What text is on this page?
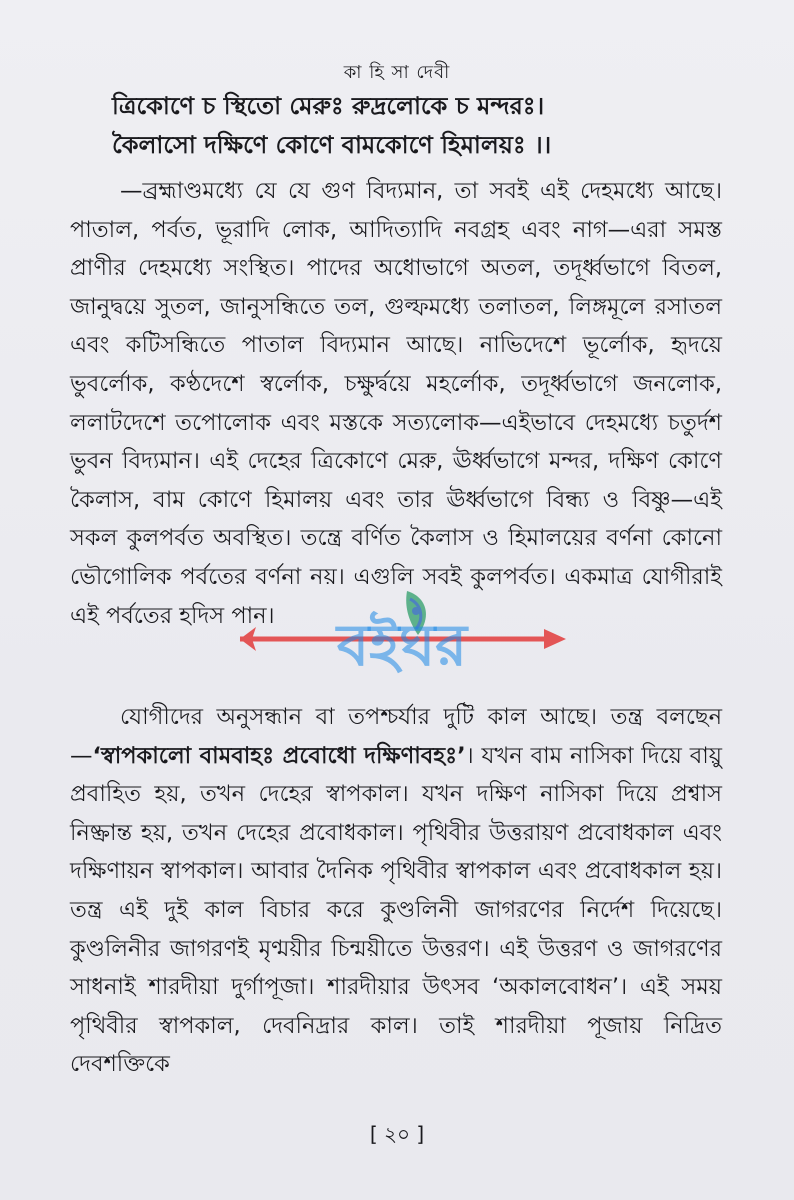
কা হি সা দেবী
ত্রিকোণে চ স্থিতো মেরুঃ রুদ্রলোকে চ মন্দরঃ।
কৈলাসো দক্ষিণে কোণে বামকোণে হিমালয়ঃ ।।
—ব্রহ্মাণ্ডমধ্যে যে যে গুণ বিদ্যমান, তা সবই এই দেহমধ্যে আছে। পাতাল, পর্বত, ভূরাদি লোক, আদিত্যাদি নবগ্রহ এবং নাগ—এরা সমস্ত প্রাণীর দেহমধ্যে সংস্থিত। পাদের অধোভাগে অতল, তদূর্ধ্বভাগে বিতল, জানুদ্বয়ে সুতল, জানুসন্ধিতে তল, গুল্ফমধ্যে তলাতল, লিঙ্গমূলে রসাতল এবং কটিসন্ধিতে পাতাল বিদ্যমান আছে। নাভিদেশে ভূর্লোক, হৃদয়ে ভুবর্লোক, কণ্ঠদেশে স্বর্লোক, চক্ষুর্দ্বয়ে মহর্লোক, তদূর্ধ্বভাগে জনলোক, ললাটদেশে তপোলোক এবং মস্তকে সত্যলোক—এইভাবে দেহমধ্যে চতুর্দশ ভুবন বিদ্যমান। এই দেহের ত্রিকোণে মেরু, ঊর্ধ্বভাগে মন্দর, দক্ষিণ কোণে কৈলাস, বাম কোণে হিমালয় এবং তার ঊর্ধ্বভাগে বিন্ধ্য ও বিষ্ণু—এই সকল কুলপর্বত অবস্থিত। তন্ত্রে বর্ণিত কৈলাস ও হিমালয়ের বর্ণনা কোনো ভৌগোলিক পর্বতের বর্ণনা নয়। এগুলি সবই কুলপর্বত। একমাত্র যোগীরাই এই পর্বতের হদিস পান।
যোগীদের অনুসন্ধান বা তপশ্চর্যার দুটি কাল আছে। তন্ত্র বলছেন—‘স্বাপকালো বামবাহঃ প্রবোধো দক্ষিণাবহঃ’। যখন বাম নাসিকা দিয়ে বায়ু প্রবাহিত হয়, তখন দেহের স্বাপকাল। যখন দক্ষিণ নাসিকা দিয়ে প্রশ্বাস নিষ্ক্রান্ত হয়, তখন দেহের প্রবোধকাল। পৃথিবীর উত্তরায়ণ প্রবোধকাল এবং দক্ষিণায়ন স্বাপকাল। আবার দৈনিক পৃথিবীর স্বাপকাল এবং প্রবোধকাল হয়। তন্ত্র এই দুই কাল বিচার করে কুণ্ডলিনী জাগরণের নির্দেশ দিয়েছে। কুণ্ডলিনীর জাগরণই মৃণ্ময়ীর চিন্ময়ীতে উত্তরণ। এই উত্তরণ ও জাগরণের সাধনাই শারদীয়া দুর্গাপূজা। শারদীয়ার উৎসব ‘অকালবোধন’। এই সময় পৃথিবীর স্বাপকাল, দেবনিদ্রার কাল। তাই শারদীয়া পূজায় নিদ্রিত দেবশক্তিকে
বইঘর
[ ২০ ]
